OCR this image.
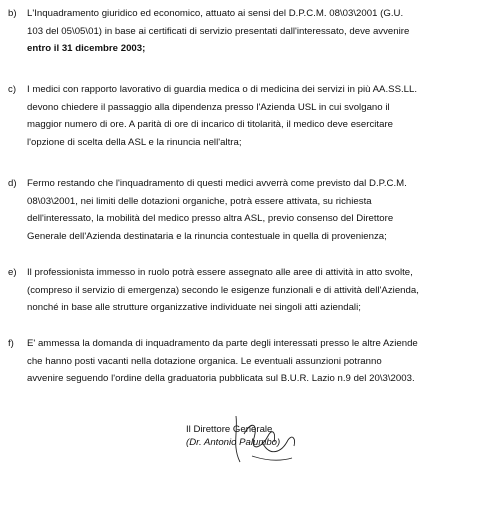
b)	L'Inquadramento giuridico ed economico, attuato ai sensi del D.P.C.M. 08\03\2001 (G.U.
103 del 05\05\01) in base ai certificati di servizio presentati dall'interessato, deve avvenire
entro il 31 dicembre 2003;
c)	I medici con rapporto lavorativo di guardia medica o di medicina dei servizi in più AA.SS.LL.
devono chiedere il passaggio alla dipendenza presso l'Azienda USL in cui svolgano il
maggior numero di ore. A parità di ore di incarico di titolarità, il medico deve esercitare
l'opzione di scelta della ASL e la rinuncia nell'altra;
d)	Fermo restando che l'inquadramento di questi medici avverrà come previsto dal D.P.C.M.
08\03\2001, nei limiti delle dotazioni organiche, potrà essere attivata, su richiesta
dell'interessato, la mobilità del medico presso altra ASL, previo consenso del Direttore
Generale dell'Azienda destinataria e la rinuncia contestuale in quella di provenienza;
e)	Il professionista immesso in ruolo potrà essere assegnato alle aree di attività in atto svolte,
(compreso il servizio di emergenza) secondo le esigenze funzionali e di attività dell'Azienda,
nonché in base alle strutture organizzative individuate nei singoli atti aziendali;
f)	E' ammessa la domanda di inquadramento da parte degli interessati presso le altre Aziende
che hanno posti vacanti nella dotazione organica. Le eventuali assunzioni potranno
avvenire seguendo l'ordine della graduatoria pubblicata sul B.U.R. Lazio n.9 del 20\3\2003.
Il Direttore Generale
(Dr. Antonio Palumbo)
